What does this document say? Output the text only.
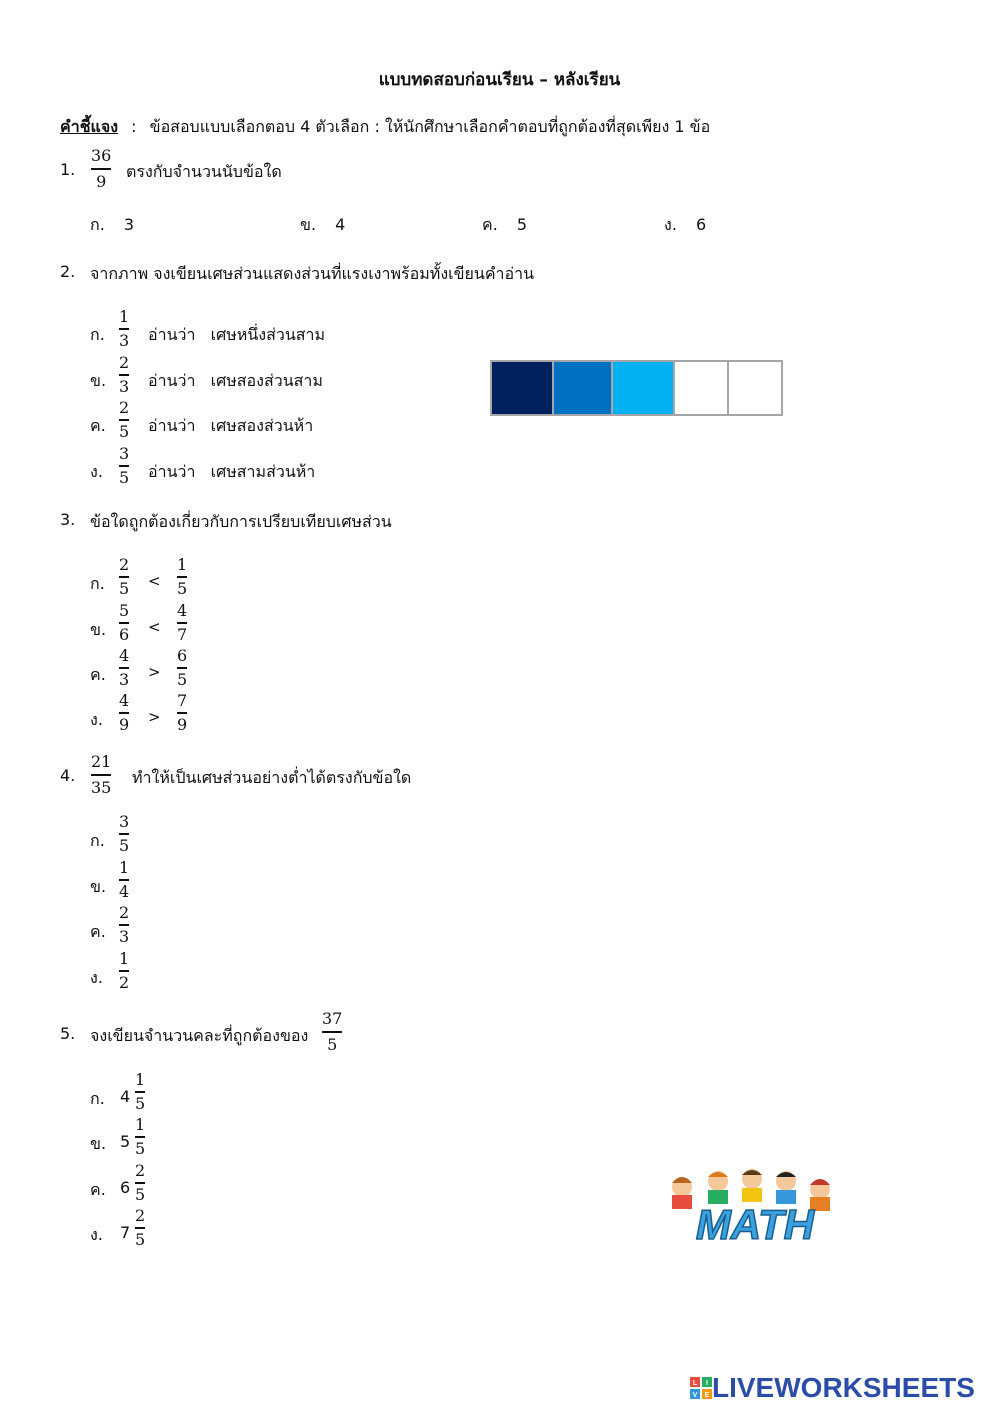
แบบทดสอบก่อนเรียน – หลังเรียน
คำชี้แจง : ข้อสอบแบบเลือกตอบ 4 ตัวเลือก : ให้นักศึกษาเลือกคำตอบที่ถูกต้องที่สุดเพียง 1 ข้อ
1.
36
9
ตรงกับจำนวนนับข้อใด
ก. 3	ข. 4	ค. 5	ง. 6
2. จากภาพ จงเขียนเศษส่วนแสดงส่วนที่แรงเงาพร้อมทั้งเขียนคำอ่าน
ก.
1
3 อ่านว่า เศษหนึ่งส่วนสาม
ข.
2
3 อ่านว่า เศษสองส่วนสาม
ค.
2
5 อ่านว่า เศษสองส่วนห้า
ง.
3
5 อ่านว่า เศษสามส่วนห้า
3. ข้อใดถูกต้องเกี่ยวกับการเปรียบเทียบเศษส่วน
ก.
2
5 <
1
5
ข.
5
6 <
4
7
ค.
4
3 >
6
5
ง.
4
9 >
7
9
4.
21
35
ทำให้เป็นเศษส่วนอย่างต่ำได้ตรงกับข้อใด
ก.
3
5
ข.
1
4
ค.
2
3
ง.
1
2
5. จงเขียนจำนวนคละที่ถูกต้องของ
37
5
ก. 4
1
5
ข. 5
1
5
ค. 6
2
5
ง. 7
2
5	MATH
L I
V E LIVEWORKSHEETS
